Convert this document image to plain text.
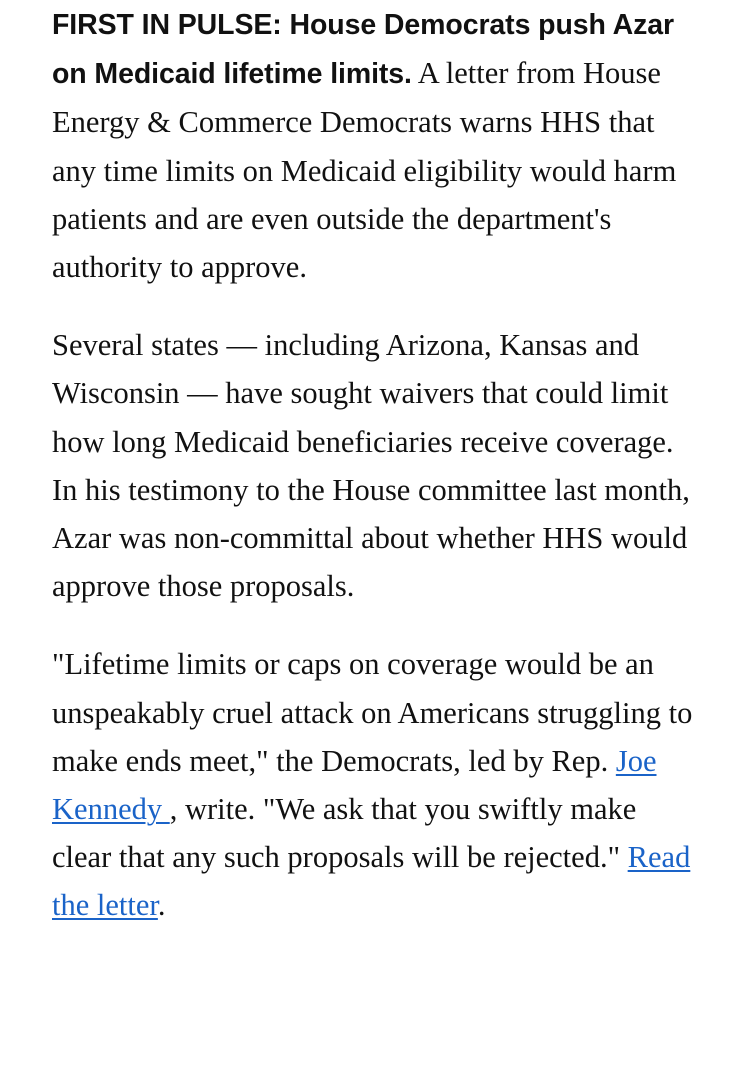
FIRST IN PULSE: House Democrats push Azar on Medicaid lifetime limits. A letter from House Energy & Commerce Democrats warns HHS that any time limits on Medicaid eligibility would harm patients and are even outside the department's authority to approve.

Several states — including Arizona, Kansas and Wisconsin — have sought waivers that could limit how long Medicaid beneficiaries receive coverage. In his testimony to the House committee last month, Azar was non-committal about whether HHS would approve those proposals.

"Lifetime limits or caps on coverage would be an unspeakably cruel attack on Americans struggling to make ends meet," the Democrats, led by Rep. Joe Kennedy , write. "We ask that you swiftly make clear that any such proposals will be rejected." Read the letter.
